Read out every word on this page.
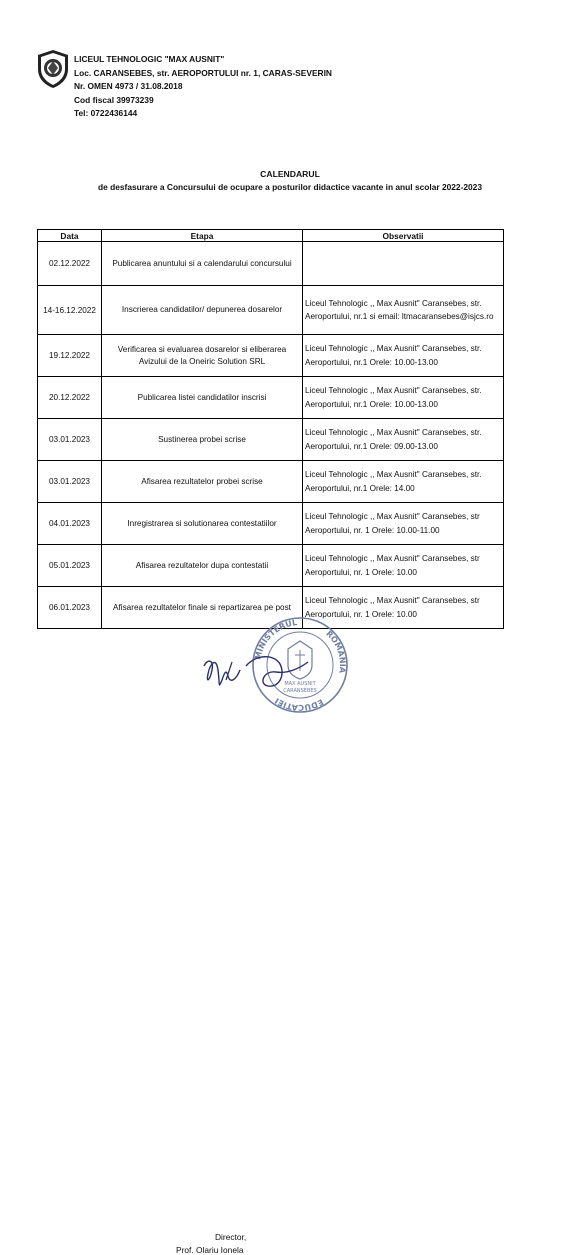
LICEUL TEHNOLOGIC "MAX AUSNIT"
Loc. CARANSEBES, str. AEROPORTULUI nr. 1, CARAS-SEVERIN
Nr. OMEN 4973 / 31.08.2018
Cod fiscal 39973239
Tel: 0722436144
CALENDARUL
de desfasurare a Concursului de ocupare a posturilor didactice vacante in anul scolar 2022-2023
Data	Etapa	Observatii
02.12.2022	Publicarea anuntului si a calendarului concursului	
14-16.12.2022	Inscrierea candidatilor/ depunerea dosarelor	Liceul Tehnologic ,, Max Ausnit" Caransebes, str. Aeroportului, nr.1 si email: ltmacaransebes@isjcs.ro
19.12.2022	Verificarea si evaluarea dosarelor si eliberarea Avizului de la Oneiric Solution SRL	Liceul Tehnologic ,, Max Ausnit" Caransebes, str. Aeroportului, nr.1 Orele: 10.00-13.00
20.12.2022	Publicarea listei candidatilor inscrisi	Liceul Tehnologic ,, Max Ausnit" Caransebes, str. Aeroportului, nr.1 Orele: 10.00-13.00
03.01.2023	Sustinerea probei scrise	Liceul Tehnologic ,, Max Ausnit" Caransebes, str. Aeroportului, nr.1 Orele: 09.00-13.00
03.01.2023	Afisarea rezultatelor probei scrise	Liceul Tehnologic ,, Max Ausnit" Caransebes, str. Aeroportului, nr.1 Orele: 14.00
04.01.2023	Inregistrarea si solutionarea contestatiilor	Liceul Tehnologic ,, Max Ausnit" Caransebes, str Aeroportului, nr. 1 Orele: 10.00-11.00
05.01.2023	Afisarea rezultatelor dupa contestatii	Liceul Tehnologic ,, Max Ausnit" Caransebes, str Aeroportului, nr. 1 Orele: 10.00
06.01.2023	Afisarea rezultatelor finale si repartizarea pe post	Liceul Tehnologic ,, Max Ausnit" Caransebes, str Aeroportului, nr. 1 Orele: 10.00
Director,
Prof. Olariu Ionela
MINISTERUL
ROMANIA
EDUCATIEI
MAX AUSNIT
CARANSEBES
